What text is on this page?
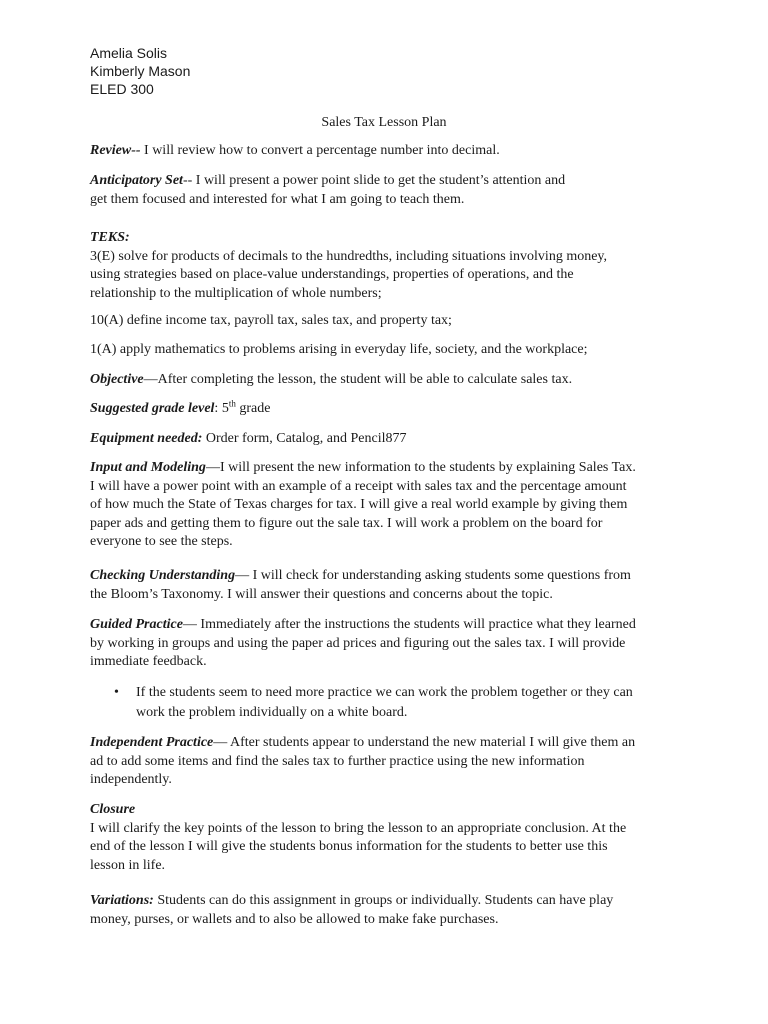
Amelia Solis
Kimberly Mason
ELED 300
Sales Tax Lesson Plan
Review-- I will review how to convert a percentage number into decimal.
Anticipatory Set-- I will present a power point slide to get the student’s attention and
get them focused and interested for what I am going to teach them.
TEKS:
3(E) solve for products of decimals to the hundredths, including situations involving money,
using strategies based on place-value understandings, properties of operations, and the
relationship to the multiplication of whole numbers;
10(A) define income tax, payroll tax, sales tax, and property tax;
1(A) apply mathematics to problems arising in everyday life, society, and the workplace;
Objective—After completing the lesson, the student will be able to calculate sales tax.
Suggested grade level: 5th grade
Equipment needed: Order form, Catalog, and Pencil877
Input and Modeling—I will present the new information to the students by explaining Sales Tax.
I will have a power point with an example of a receipt with sales tax and the percentage amount
of how much the State of Texas charges for tax. I will give a real world example by giving them
paper ads and getting them to figure out the sale tax. I will work a problem on the board for
everyone to see the steps.
Checking Understanding— I will check for understanding asking students some questions from
the Bloom’s Taxonomy. I will answer their questions and concerns about the topic.
Guided Practice— Immediately after the instructions the students will practice what they learned
by working in groups and using the paper ad prices and figuring out the sales tax. I will provide
immediate feedback.
• If the students seem to need more practice we can work the problem together or they can
work the problem individually on a white board.
Independent Practice— After students appear to understand the new material I will give them an
ad to add some items and find the sales tax to further practice using the new information
independently.
Closure
I will clarify the key points of the lesson to bring the lesson to an appropriate conclusion. At the
end of the lesson I will give the students bonus information for the students to better use this
lesson in life.
Variations: Students can do this assignment in groups or individually. Students can have play
money, purses, or wallets and to also be allowed to make fake purchases.
